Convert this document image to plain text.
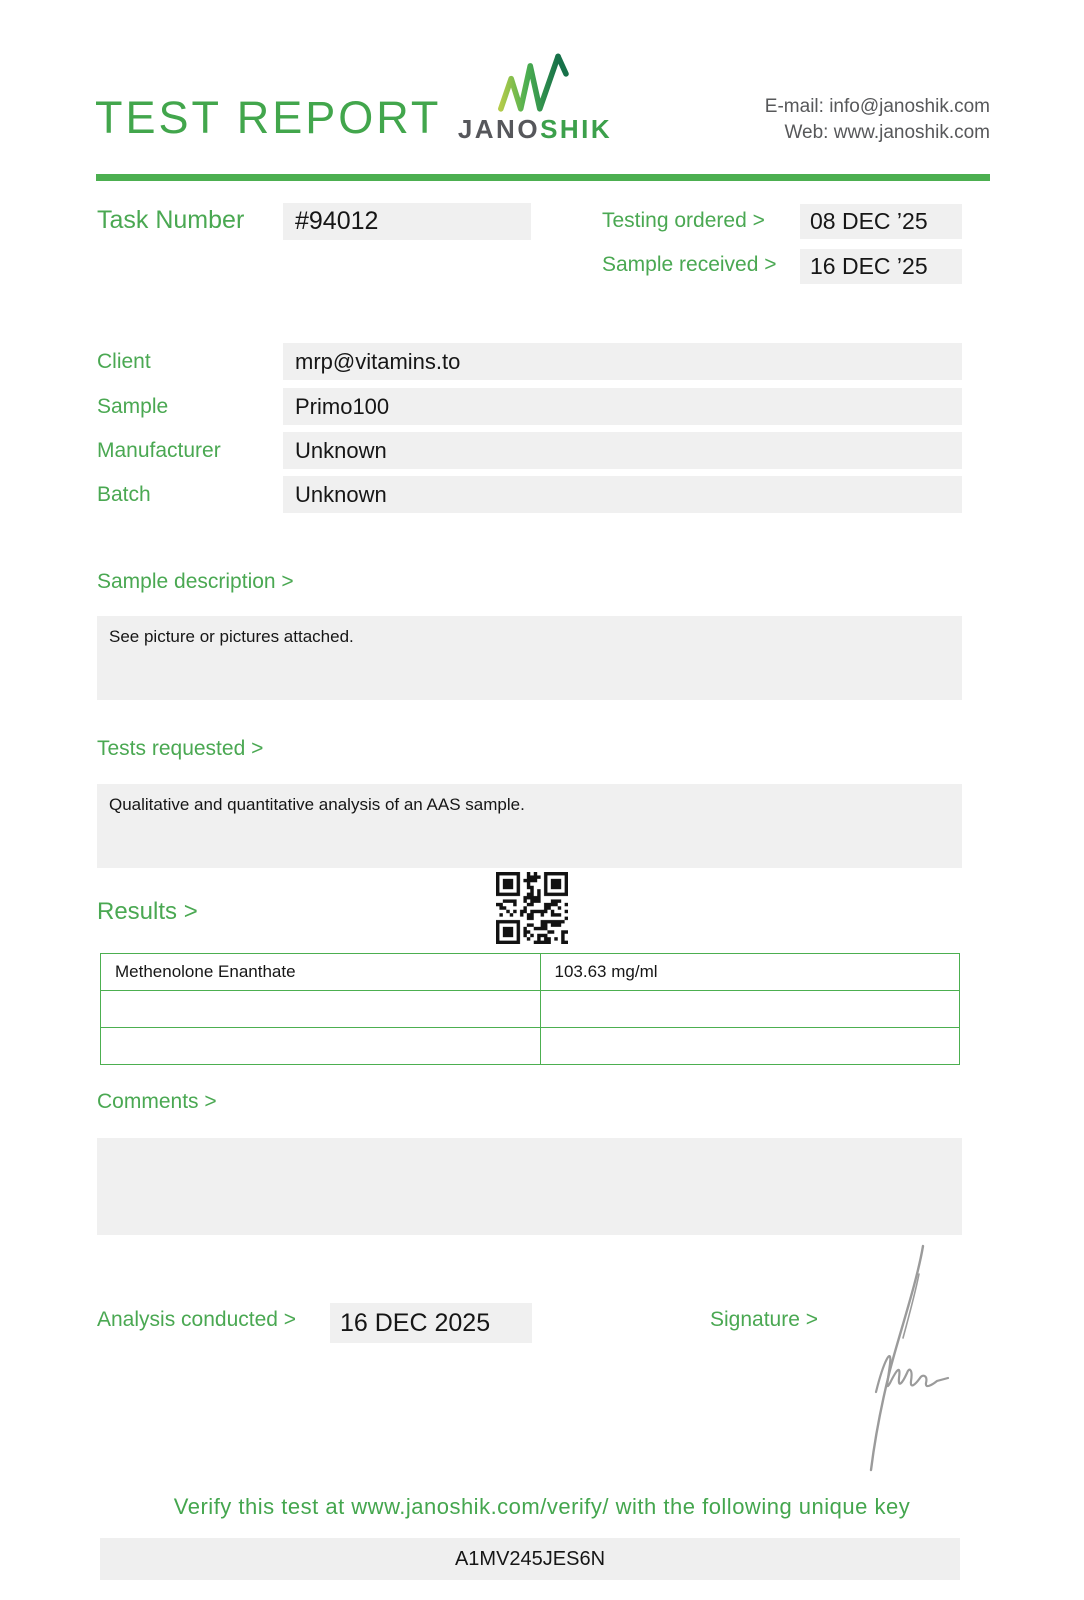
TEST REPORT JANOSHIK
E-mail: info@janoshik.com
Web: www.janoshik.com
Task Number	#94012	Testing ordered >	08 DEC ’25
Sample received >	16 DEC ’25
Client	mrp@vitamins.to
Sample	Primo100
Manufacturer	Unknown
Batch	Unknown
Sample description >
See picture or pictures attached.
Tests requested >
Qualitative and quantitative analysis of an AAS sample.
Results >
Methenolone Enanthate	103.63 mg/ml

Comments >
Analysis conducted >	16 DEC 2025	Signature >
Verify this test at www.janoshik.com/verify/ with the following unique key
A1MV245JES6N
